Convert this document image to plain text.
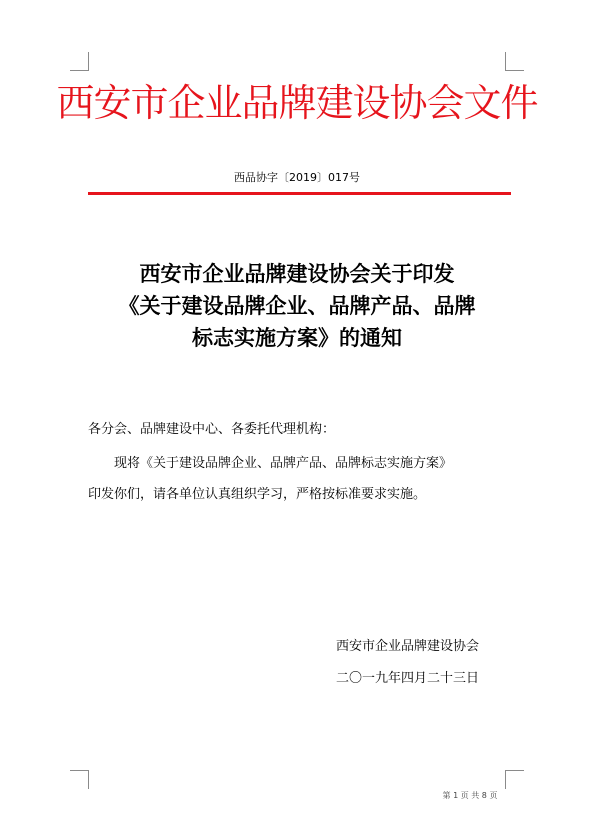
西安市企业品牌建设协会文件
西品协字〔2019〕017号
西安市企业品牌建设协会关于印发
《关于建设品牌企业、品牌产品、品牌
标志实施方案》的通知
各分会、品牌建设中心、各委托代理机构：
现将《关于建设品牌企业、品牌产品、品牌标志实施方案》
印发你们，请各单位认真组织学习，严格按标准要求实施。
西安市企业品牌建设协会
二〇一九年四月二十三日
第 1 页 共 8 页
